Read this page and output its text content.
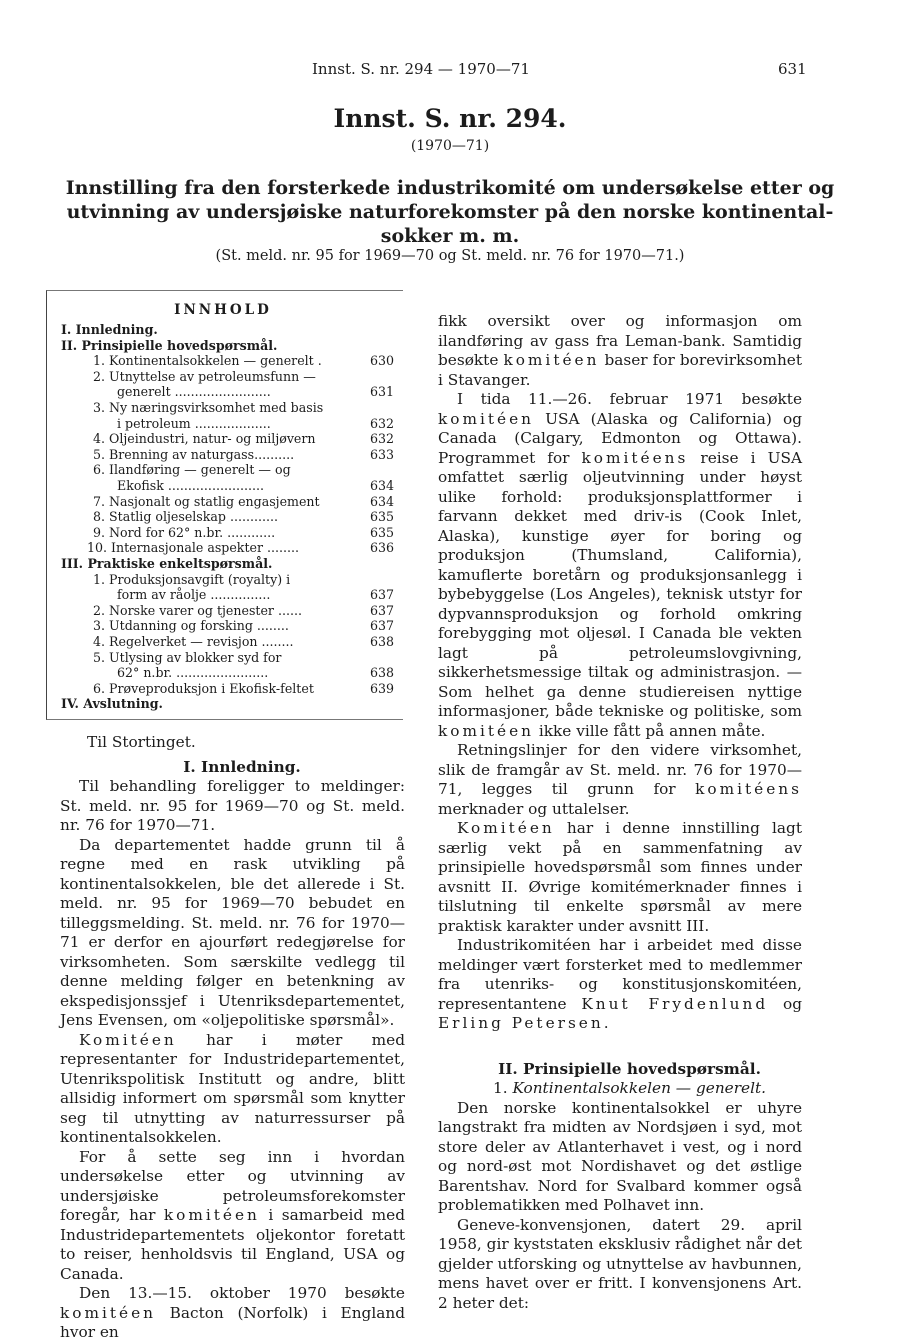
Innst. S. nr. 294 — 1970—71	631
Innst. S. nr. 294.
(1970—71)
Innstilling fra den forsterkede industrikomité om undersøkelse etter og
utvinning av undersjøiske naturforekomster på den norske kontinental-
sokker m. m.
(St. meld. nr. 95 for 1969—70 og St. meld. nr. 76 for 1970—71.)
INNHOLD
I. Innledning.
II. Prinsipielle hovedspørsmål.
1. Kontinentalsokkelen — generelt .	630
2. Utnyttelse av petroleumsfunn —
generelt ........................	631
3. Ny næringsvirksomhet med basis
i petroleum ...................	632
4. Oljeindustri, natur- og miljøvern	632
5. Brenning av naturgass..........	633
6. Ilandføring — generelt — og
Ekofisk ........................	634
7. Nasjonalt og statlig engasjement	634
8. Statlig oljeselskap ............	635
9. Nord for 62° n.br. ............	635
10. Internasjonale aspekter ........	636
III. Praktiske enkeltspørsmål.
1. Produksjonsavgift (royalty) i
form av råolje ...............	637
2. Norske varer og tjenester ......	637
3. Utdanning og forsking ........	637
4. Regelverket — revisjon ........	638
5. Utlysing av blokker syd for
62° n.br. .......................	638
6. Prøveproduksjon i Ekofisk-feltet	639
IV. Avslutning.

Til Stortinget.

I. Innledning.

Til behandling foreligger to meldinger: St. meld. nr. 95 for 1969—70 og St. meld. nr. 76 for 1970—71.

Da departementet hadde grunn til å regne med en rask utvikling på kontinentalsokkelen, ble det allerede i St. meld. nr. 95 for 1969—70 bebudet en tilleggsmelding. St. meld. nr. 76 for 1970—71 er derfor en ajourført redegjørelse for virksomheten. Som særskilte vedlegg til denne melding følger en betenkning av ekspedisjonssjef i Utenriksdepartementet, Jens Evensen, om «oljepolitiske spørsmål».

Komitéen har i møter med representanter for Industridepartementet, Utenrikspolitisk Institutt og andre, blitt allsidig informert om spørsmål som knytter seg til utnytting av naturressurser på kontinentalsokkelen.

For å sette seg inn i hvordan undersøkelse etter og utvinning av undersjøiske petroleumsforekomster foregår, har komitéen i samarbeid med Industridepartementets oljekontor foretatt to reiser, henholdsvis til England, USA og Canada.

Den 13.—15. oktober 1970 besøkte komitéen Bacton (Norfolk) i England hvor en

fikk oversikt over og informasjon om ilandføring av gass fra Leman-bank. Samtidig besøkte komitéen baser for borevirksomhet i Stavanger.

I tida 11.—26. februar 1971 besøkte komitéen USA (Alaska og California) og Canada (Calgary, Edmonton og Ottawa). Programmet for komitéens reise i USA omfattet særlig oljeutvinning under høyst ulike forhold: produksjonsplattformer i farvann dekket med driv-is (Cook Inlet, Alaska), kunstige øyer for boring og produksjon (Thumsland, California), kamuflerte boretårn og produksjonsanlegg i bybebyggelse (Los Angeles), teknisk utstyr for dypvannsproduksjon og forhold omkring forebygging mot oljesøl. I Canada ble vekten lagt på petroleumslovgivning, sikkerhetsmessige tiltak og administrasjon. — Som helhet ga denne studiereisen nyttige informasjoner, både tekniske og politiske, som komitéen ikke ville fått på annen måte.

Retningslinjer for den videre virksomhet, slik de framgår av St. meld. nr. 76 for 1970—71, legges til grunn for komitéens merknader og uttalelser.

Komitéen har i denne innstilling lagt særlig vekt på en sammenfatning av prinsipielle hovedspørsmål som finnes under avsnitt II. Øvrige komitémerknader finnes i tilslutning til enkelte spørsmål av mere praktisk karakter under avsnitt III.

Industrikomitéen har i arbeidet med disse meldinger vært forsterket med to medlemmer fra utenriks- og konstitusjonskomitéen, representantene Knut Frydenlund og Erling Petersen.

II. Prinsipielle hovedspørsmål.

1. Kontinentalsokkelen — generelt.

Den norske kontinentalsokkel er uhyre langstrakt fra midten av Nordsjøen i syd, mot store deler av Atlanterhavet i vest, og i nord og nord-øst mot Nordishavet og det østlige Barentshav. Nord for Svalbard kommer også problematikken med Polhavet inn.

Geneve-konvensjonen, datert 29. april 1958, gir kyststaten eksklusiv rådighet når det gjelder utforsking og utnyttelse av havbunnen, mens havet over er fritt. I konvensjonens Art. 2 heter det:
